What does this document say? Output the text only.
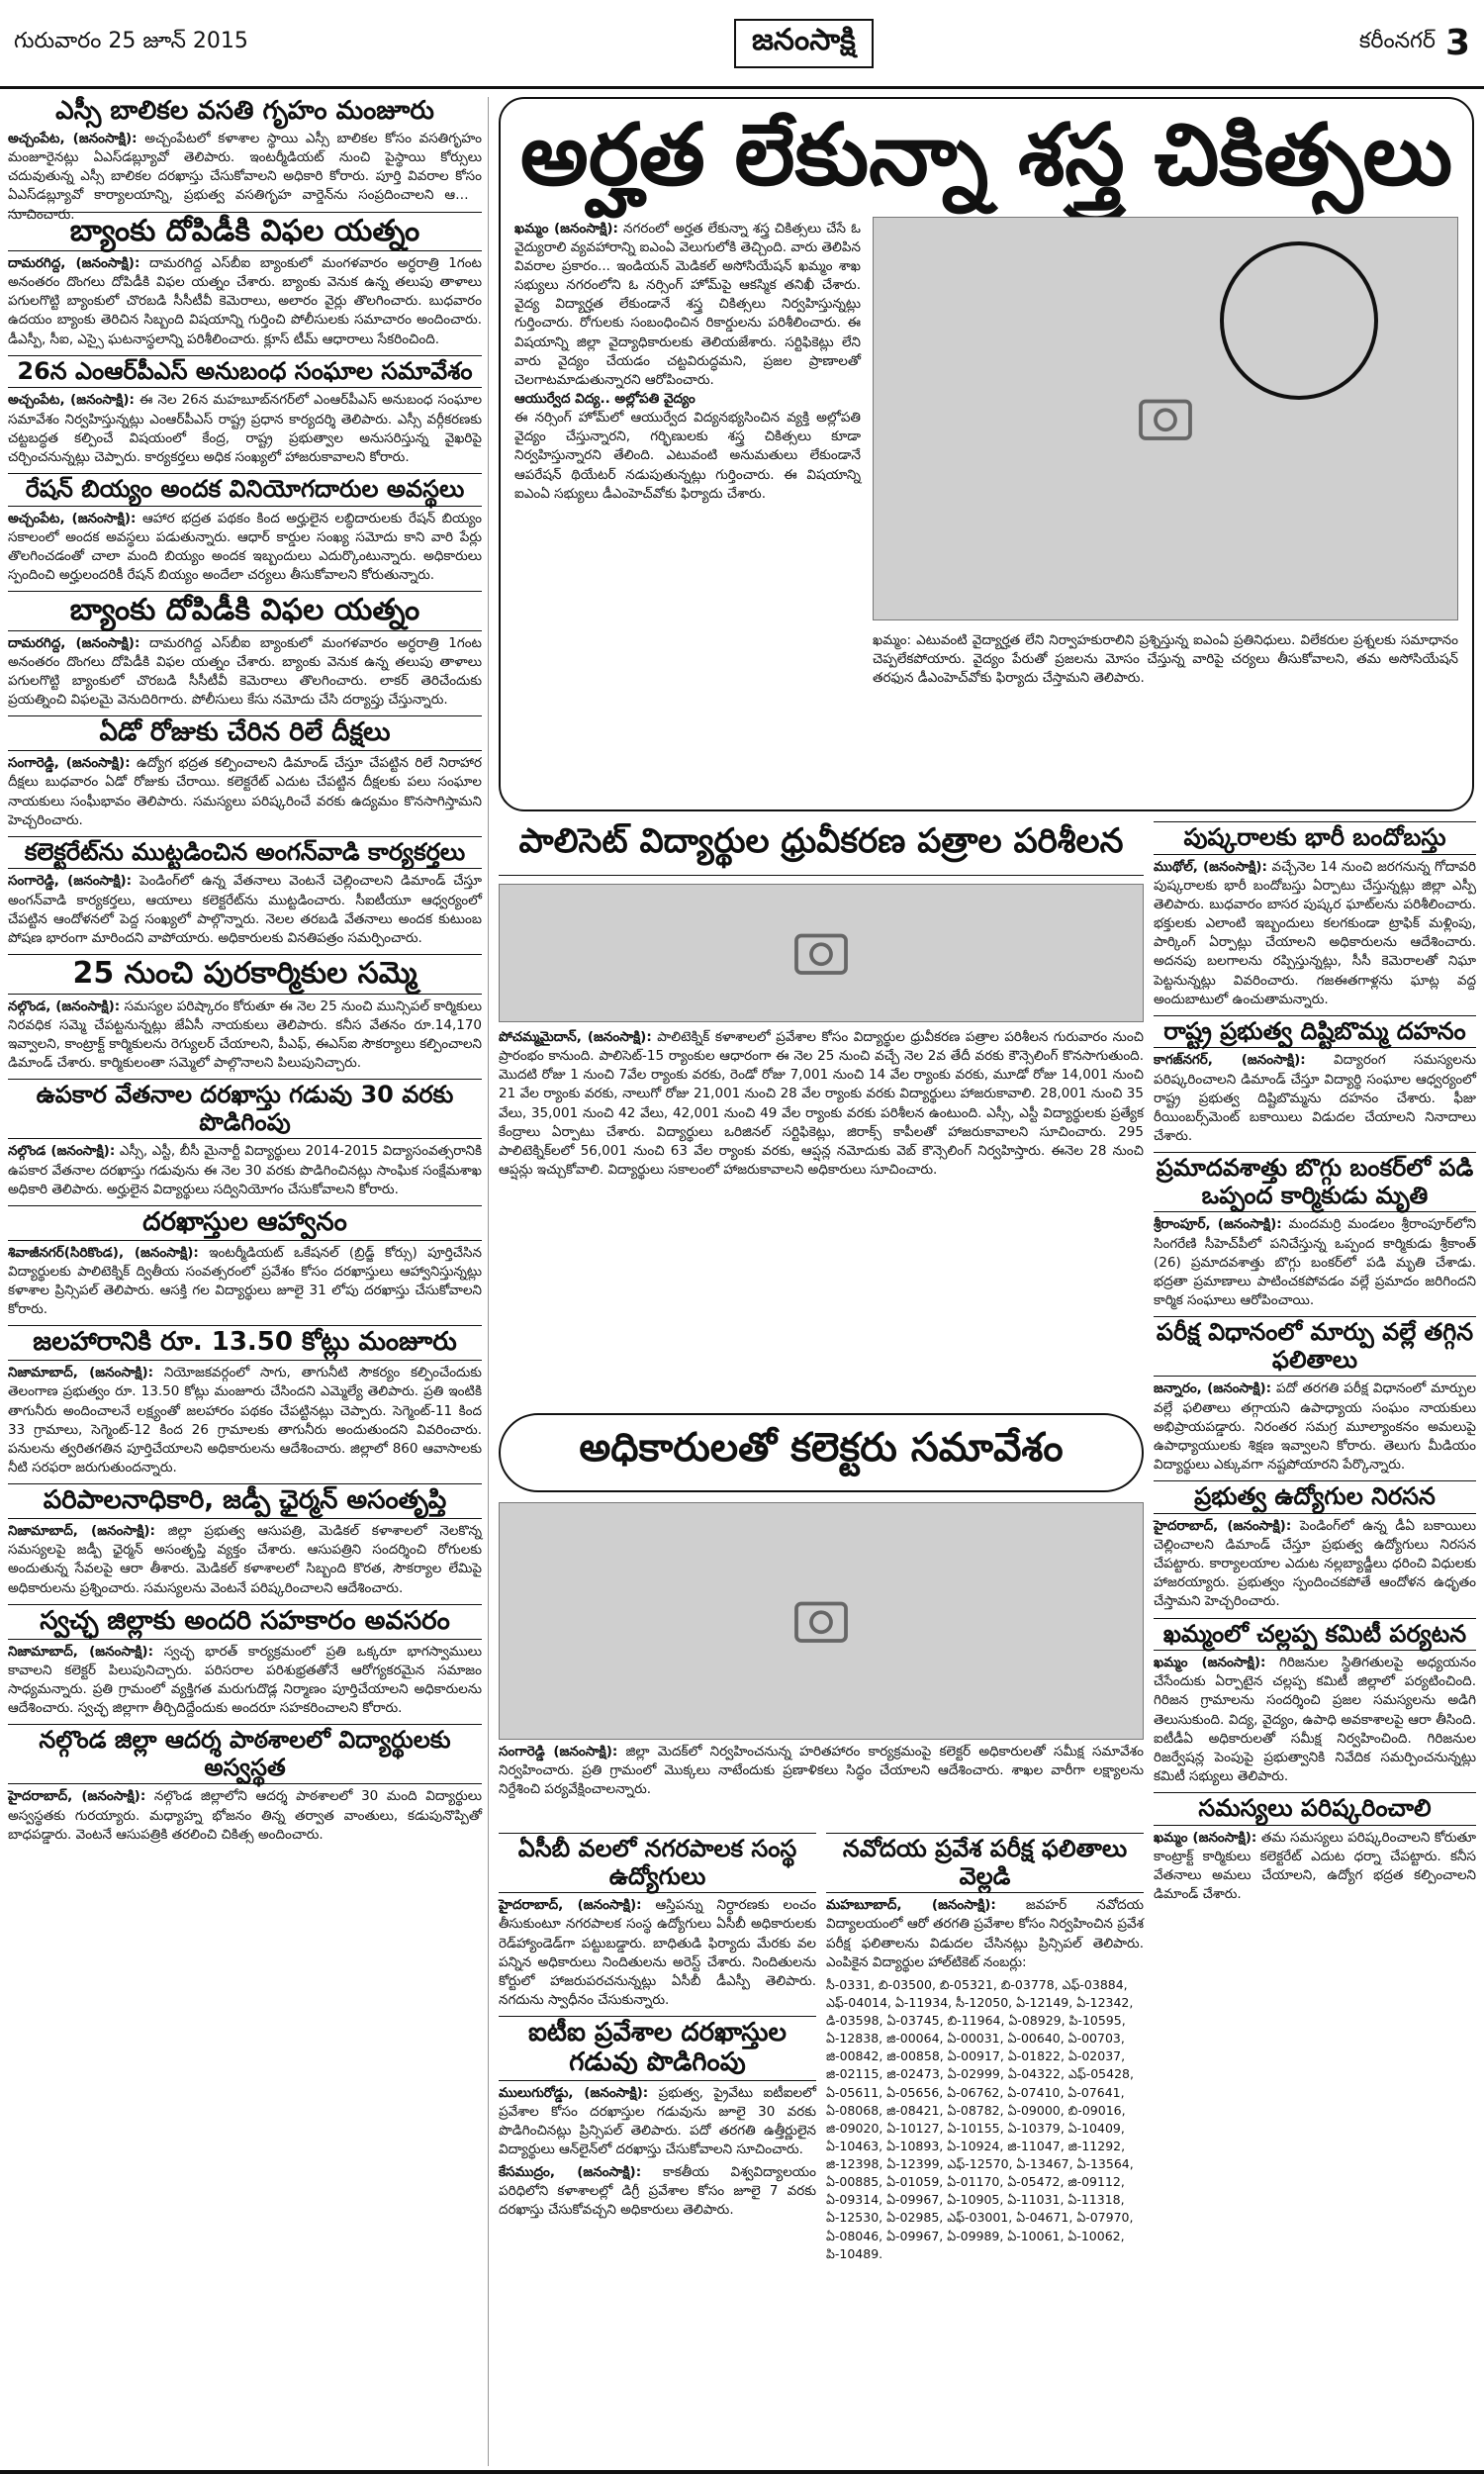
గురువారం 25 జూన్ 2015	జనంసాక్షి	కరీంనగర్ 3
ఎస్సీ బాలికల వసతి గృహం మంజూరు

అచ్చంపేట, (జనంసాక్షి): అచ్చంపేటలో కళాశాల స్థాయి ఎస్సీ బాలికల కోసం వసతిగృహం మంజూరైనట్లు ఏఎస్‌డబ్ల్యూవో తెలిపారు. ఇంటర్మీడియట్ నుంచి పైస్థాయి కోర్సులు చదువుతున్న ఎస్సీ బాలికల దరఖాస్తు చేసుకోవాలని అధికారి కోరారు. పూర్తి వివరాల కోసం ఏఎస్‌డబ్ల్యూవో కార్యాలయాన్ని, ప్రభుత్వ వసతిగృహ వార్డెన్‌ను సంప్రదించాలని ఆయన సూచించారు.

బ్యాంకు దోపిడీకి విఫల యత్నం

దామరగిద్ద, (జనంసాక్షి): దామరగిద్ద ఎస్‌బీఐ బ్యాంకులో మంగళవారం అర్ధరాత్రి 1గంట అనంతరం దొంగలు దోపిడీకి విఫల యత్నం చేశారు. బ్యాంకు వెనుక ఉన్న తలుపు తాళాలు పగులగొట్టి బ్యాంకులో చొరబడి సీసీటీవీ కెమెరాలు, అలారం వైర్లు తొలగించారు. బుధవారం ఉదయం బ్యాంకు తెరిచిన సిబ్బంది విషయాన్ని గుర్తించి పోలీసులకు సమాచారం అందించారు. డీఎస్పీ, సీఐ, ఎస్సై ఘటనాస్థలాన్ని పరిశీలించారు. క్లూస్ టీమ్ ఆధారాలు సేకరించింది.

26న ఎంఆర్‌పీఎస్ అనుబంధ సంఘాల సమావేశం

అచ్చంపేట, (జనంసాక్షి): ఈ నెల 26న మహబూబ్‌నగర్‌లో ఎంఆర్‌పీఎస్ అనుబంధ సంఘాల సమావేశం నిర్వహిస్తున్నట్లు ఎంఆర్‌పీఎస్ రాష్ట్ర ప్రధాన కార్యదర్శి తెలిపారు. ఎస్సీ వర్గీకరణకు చట్టబద్ధత కల్పించే విషయంలో కేంద్ర, రాష్ట్ర ప్రభుత్వాల అనుసరిస్తున్న వైఖరిపై చర్చించనున్నట్లు చెప్పారు. కార్యకర్తలు అధిక సంఖ్యలో హాజరుకావాలని కోరారు.

రేషన్ బియ్యం అందక వినియోగదారుల అవస్థలు

అచ్చంపేట, (జనంసాక్షి): ఆహార భద్రత పథకం కింద అర్హులైన లబ్ధిదారులకు రేషన్ బియ్యం సకాలంలో అందక అవస్థలు పడుతున్నారు. ఆధార్ కార్డుల సంఖ్య సమోదు కాని వారి పేర్లు తొలగించడంతో చాలా మంది బియ్యం అందక ఇబ్బందులు ఎదుర్కొంటున్నారు. అధికారులు స్పందించి అర్హులందరికీ రేషన్ బియ్యం అందేలా చర్యలు తీసుకోవాలని కోరుతున్నారు.

బ్యాంకు దోపిడీకి విఫల యత్నం

దామరగిద్ద, (జనంసాక్షి): దామరగిద్ద ఎస్‌బీఐ బ్యాంకులో మంగళవారం అర్ధరాత్రి 1గంట అనంతరం దొంగలు దోపిడీకి విఫల యత్నం చేశారు. బ్యాంకు వెనుక ఉన్న తలుపు తాళాలు పగులగొట్టి బ్యాంకులో చొరబడి సీసీటీవీ కెమెరాలు తొలగించారు. లాకర్ తెరిచేందుకు ప్రయత్నించి విఫలమై వెనుదిరిగారు. పోలీసులు కేసు నమోదు చేసి దర్యాప్తు చేస్తున్నారు.

ఏడో రోజుకు చేరిన రిలే దీక్షలు

సంగారెడ్డి, (జనంసాక్షి): ఉద్యోగ భద్రత కల్పించాలని డిమాండ్ చేస్తూ చేపట్టిన రిలే నిరాహార దీక్షలు బుధవారం ఏడో రోజుకు చేరాయి. కలెక్టరేట్ ఎదుట చేపట్టిన దీక్షలకు పలు సంఘాల నాయకులు సంఘీభావం తెలిపారు. సమస్యలు పరిష్కరించే వరకు ఉద్యమం కొనసాగిస్తామని హెచ్చరించారు.

కలెక్టరేట్‌ను ముట్టడించిన అంగన్‌వాడి కార్యకర్తలు

సంగారెడ్డి, (జనంసాక్షి): పెండింగ్‌లో ఉన్న వేతనాలు వెంటనే చెల్లించాలని డిమాండ్ చేస్తూ అంగన్‌వాడి కార్యకర్తలు, ఆయాలు కలెక్టరేట్‌ను ముట్టడించారు. సీఐటీయూ ఆధ్వర్యంలో చేపట్టిన ఆందోళనలో పెద్ద సంఖ్యలో పాల్గొన్నారు. నెలల తరబడి వేతనాలు అందక కుటుంబ పోషణ భారంగా మారిందని వాపోయారు. అధికారులకు వినతిపత్రం సమర్పించారు.

25 నుంచి పురకార్మికుల సమ్మె

నల్గొండ, (జనంసాక్షి): సమస్యల పరిష్కారం కోరుతూ ఈ నెల 25 నుంచి మున్సిపల్ కార్మికులు నిరవధిక సమ్మె చేపట్టనున్నట్లు జేఏసీ నాయకులు తెలిపారు. కనీస వేతనం రూ.14,170 ఇవ్వాలని, కాంట్రాక్ట్ కార్మికులను రెగ్యులర్ చేయాలని, పీఎఫ్, ఈఎస్ఐ సౌకర్యాలు కల్పించాలని డిమాండ్ చేశారు. కార్మికులంతా సమ్మెలో పాల్గొనాలని పిలుపునిచ్చారు.

ఉపకార వేతనాల దరఖాస్తు గడువు 30 వరకు పొడిగింపు

నల్గొండ (జనంసాక్షి): ఎస్సీ, ఎస్టీ, బీసీ మైనార్టీ విద్యార్థులు 2014-2015 విద్యాసంవత్సరానికి ఉపకార వేతనాల దరఖాస్తు గడువును ఈ నెల 30 వరకు పొడిగించినట్లు సాంఘిక సంక్షేమశాఖ అధికారి తెలిపారు. అర్హులైన విద్యార్థులు సద్వినియోగం చేసుకోవాలని కోరారు.

దరఖాస్తుల ఆహ్వానం

శివాజీనగర్(సిరికొండ), (జనంసాక్షి): ఇంటర్మీడియట్ ఒకేషనల్ (బ్రిడ్జ్ కోర్సు) పూర్తిచేసిన విద్యార్థులకు పాలిటెక్నిక్ ద్వితీయ సంవత్సరంలో ప్రవేశం కోసం దరఖాస్తులు ఆహ్వానిస్తున్నట్లు కళాశాల ప్రిన్సిపల్ తెలిపారు. ఆసక్తి గల విద్యార్థులు జూలై 31 లోపు దరఖాస్తు చేసుకోవాలని కోరారు.

జలహారానికి రూ. 13.50 కోట్లు మంజూరు

నిజామాబాద్, (జనంసాక్షి): నియోజకవర్గంలో సాగు, తాగునీటి సౌకర్యం కల్పించేందుకు తెలంగాణ ప్రభుత్వం రూ. 13.50 కోట్లు మంజూరు చేసిందని ఎమ్మెల్యే తెలిపారు. ప్రతి ఇంటికి తాగునీరు అందించాలనే లక్ష్యంతో జలహారం పథకం చేపట్టినట్లు చెప్పారు. సెగ్మెంట్-11 కింద 33 గ్రామాలు, సెగ్మెంట్-12 కింద 26 గ్రామాలకు తాగునీరు అందుతుందని వివరించారు. పనులను త్వరితగతిన పూర్తిచేయాలని అధికారులను ఆదేశించారు. జిల్లాలో 860 ఆవాసాలకు నీటి సరఫరా జరుగుతుందన్నారు.

పరిపాలనాధికారి, జడ్పీ ఛైర్మన్ అసంతృప్తి

నిజామాబాద్, (జనంసాక్షి): జిల్లా ప్రభుత్వ ఆసుపత్రి, మెడికల్ కళాశాలలో నెలకొన్న సమస్యలపై జడ్పీ ఛైర్మన్ అసంతృప్తి వ్యక్తం చేశారు. ఆసుపత్రిని సందర్శించి రోగులకు అందుతున్న సేవలపై ఆరా తీశారు. మెడికల్ కళాశాలలో సిబ్బంది కొరత, సౌకర్యాల లేమిపై అధికారులను ప్రశ్నించారు. సమస్యలను వెంటనే పరిష్కరించాలని ఆదేశించారు.

స్వచ్ఛ జిల్లాకు అందరి సహకారం అవసరం

నిజామాబాద్, (జనంసాక్షి): స్వచ్ఛ భారత్ కార్యక్రమంలో ప్రతి ఒక్కరూ భాగస్వాములు కావాలని కలెక్టర్ పిలుపునిచ్చారు. పరిసరాల పరిశుభ్రతతోనే ఆరోగ్యకరమైన సమాజం సాధ్యమన్నారు. ప్రతి గ్రామంలో వ్యక్తిగత మరుగుదొడ్ల నిర్మాణం పూర్తిచేయాలని అధికారులను ఆదేశించారు. స్వచ్ఛ జిల్లాగా తీర్చిదిద్దేందుకు అందరూ సహకరించాలని కోరారు.

నల్గొండ జిల్లా ఆదర్శ పాఠశాలలో విద్యార్థులకు అస్వస్థత

హైదరాబాద్, (జనంసాక్షి): నల్గొండ జిల్లాలోని ఆదర్శ పాఠశాలలో 30 మంది విద్యార్థులు అస్వస్థతకు గురయ్యారు. మధ్యాహ్న భోజనం తిన్న తర్వాత వాంతులు, కడుపునొప్పితో బాధపడ్డారు. వెంటనే ఆసుపత్రికి తరలించి చికిత్స అందించారు.

అర్హత లేకున్నా శస్త్ర చికిత్సలు

ఖమ్మం (జనంసాక్షి): నగరంలో అర్హత లేకున్నా శస్త్ర చికిత్సలు చేసే ఓ వైద్యురాలి వ్యవహారాన్ని ఐఎంఏ వెలుగులోకి తెచ్చింది. వారు తెలిపిన వివరాల ప్రకారం... ఇండియన్ మెడికల్ అసోసియేషన్ ఖమ్మం శాఖ సభ్యులు నగరంలోని ఓ నర్సింగ్ హోమ్‌పై ఆకస్మిక తనిఖీ చేశారు. వైద్య విద్యార్హత లేకుండానే శస్త్ర చికిత్సలు నిర్వహిస్తున్నట్లు గుర్తించారు. రోగులకు సంబంధించిన రికార్డులను పరిశీలించారు. ఈ విషయాన్ని జిల్లా వైద్యాధికారులకు తెలియజేశారు. సర్టిఫికెట్లు లేని వారు వైద్యం చేయడం చట్టవిరుద్ధమని, ప్రజల ప్రాణాలతో చెలగాటమాడుతున్నారని ఆరోపించారు.
ఆయుర్వేద విద్య.. అల్లోపతి వైద్యం
ఈ నర్సింగ్ హోమ్‌లో ఆయుర్వేద విద్యనభ్యసించిన వ్యక్తి అల్లోపతి వైద్యం చేస్తున్నారని, గర్భిణులకు శస్త్ర చికిత్సలు కూడా నిర్వహిస్తున్నారని తేలింది. ఎటువంటి అనుమతులు లేకుండానే ఆపరేషన్ థియేటర్ నడుపుతున్నట్లు గుర్తించారు. ఈ విషయాన్ని ఐఎంఏ సభ్యులు డీఎంహెచ్‌వోకు ఫిర్యాదు చేశారు.

ఖమ్మం: ఎటువంటి వైద్యార్హత లేని నిర్వాహకురాలిని ప్రశ్నిస్తున్న ఐఎంఏ ప్రతినిధులు. విలేకరుల ప్రశ్నలకు సమాధానం చెప్పలేకపోయారు. వైద్యం పేరుతో ప్రజలను మోసం చేస్తున్న వారిపై చర్యలు తీసుకోవాలని, తమ అసోసియేషన్ తరఫున డీఎంహెచ్‌వోకు ఫిర్యాదు చేస్తామని తెలిపారు.

పాలిసెట్ విద్యార్థుల ధ్రువీకరణ పత్రాల పరిశీలన

పోచమ్మమైదాన్, (జనంసాక్షి): పాలిటెక్నిక్ కళాశాలలో ప్రవేశాల కోసం విద్యార్థుల ధ్రువీకరణ పత్రాల పరిశీలన గురువారం నుంచి ప్రారంభం కానుంది. పాలిసెట్-15 ర్యాంకుల ఆధారంగా ఈ నెల 25 నుంచి వచ్చే నెల 2వ తేదీ వరకు కౌన్సెలింగ్ కొనసాగుతుంది. మొదటి రోజు 1 నుంచి 7వేల ర్యాంకు వరకు, రెండో రోజు 7,001 నుంచి 14 వేల ర్యాంకు వరకు, మూడో రోజు 14,001 నుంచి 21 వేల ర్యాంకు వరకు, నాలుగో రోజు 21,001 నుంచి 28 వేల ర్యాంకు వరకు విద్యార్థులు హాజరుకావాలి. 28,001 నుంచి 35 వేలు, 35,001 నుంచి 42 వేలు, 42,001 నుంచి 49 వేల ర్యాంకు వరకు పరిశీలన ఉంటుంది. ఎస్సీ, ఎస్టీ విద్యార్థులకు ప్రత్యేక కేంద్రాలు ఏర్పాటు చేశారు. విద్యార్థులు ఒరిజినల్ సర్టిఫికెట్లు, జిరాక్స్ కాపీలతో హాజరుకావాలని సూచించారు. 295 పాలిటెక్నిక్‌లలో 56,001 నుంచి 63 వేల ర్యాంకు వరకు, ఆప్షన్ల నమోదుకు వెబ్ కౌన్సెలింగ్ నిర్వహిస్తారు. ఈనెల 28 నుంచి ఆప్షన్లు ఇచ్చుకోవాలి. విద్యార్థులు సకాలంలో హాజరుకావాలని అధికారులు సూచించారు.

అధికారులతో కలెక్టరు సమావేశం

సంగారెడ్డి (జనంసాక్షి): జిల్లా మెదక్‌లో నిర్వహించనున్న హరితహారం కార్యక్రమంపై కలెక్టర్ అధికారులతో సమీక్ష సమావేశం నిర్వహించారు. ప్రతి గ్రామంలో మొక్కలు నాటేందుకు ప్రణాళికలు సిద్ధం చేయాలని ఆదేశించారు. శాఖల వారీగా లక్ష్యాలను నిర్దేశించి పర్యవేక్షించాలన్నారు.

ఏసీబీ వలలో నగరపాలక సంస్థ ఉద్యోగులు

హైదరాబాద్, (జనంసాక్షి): ఆస్తిపన్ను నిర్ధారణకు లంచం తీసుకుంటూ నగరపాలక సంస్థ ఉద్యోగులు ఏసీబీ అధికారులకు రెడ్‌హ్యాండెడ్‌గా పట్టుబడ్డారు. బాధితుడి ఫిర్యాదు మేరకు వల పన్నిన అధికారులు నిందితులను అరెస్ట్ చేశారు. నిందితులను కోర్టులో హాజరుపరచనున్నట్లు ఏసీబీ డీఎస్పీ తెలిపారు. నగదును స్వాధీనం చేసుకున్నారు.

ఐటీఐ ప్రవేశాల దరఖాస్తుల గడువు పొడిగింపు

ములుగురోడ్డు, (జనంసాక్షి): ప్రభుత్వ, ప్రైవేటు ఐటీఐలలో ప్రవేశాల కోసం దరఖాస్తుల గడువును జూలై 30 వరకు పొడిగించినట్లు ప్రిన్సిపల్ తెలిపారు. పదో తరగతి ఉత్తీర్ణులైన విద్యార్థులు ఆన్‌లైన్‌లో దరఖాస్తు చేసుకోవాలని సూచించారు.

కేసముద్రం, (జనంసాక్షి): కాకతీయ విశ్వవిద్యాలయం పరిధిలోని కళాశాలల్లో డిగ్రీ ప్రవేశాల కోసం జూలై 7 వరకు దరఖాస్తు చేసుకోవచ్చని అధికారులు తెలిపారు.

నవోదయ ప్రవేశ పరీక్ష ఫలితాలు వెల్లడి

మహబూబాద్, (జనంసాక్షి): జవహర్ నవోదయ విద్యాలయంలో ఆరో తరగతి ప్రవేశాల కోసం నిర్వహించిన ప్రవేశ పరీక్ష ఫలితాలను విడుదల చేసినట్లు ప్రిన్సిపల్ తెలిపారు. ఎంపికైన విద్యార్థుల హాల్‌టికెట్ నంబర్లు:

సీ-0331, బి-03500, బి-05321, బి-03778, ఎఫ్-03884, ఎఫ్-04014, ఏ-11934, సీ-12050, ఏ-12149, ఏ-12342, డి-03598, ఏ-03745, బి-11964, ఏ-08929, పి-10595, ఏ-12838, జి-00064, ఏ-00031, ఏ-00640, ఏ-00703, జి-00842, జి-00858, ఏ-00917, ఏ-01822, ఏ-02037, జి-02115, జి-02473, ఏ-02999, ఏ-04322, ఎఫ్-05428, ఏ-05611, ఏ-05656, ఏ-06762, ఏ-07410, ఏ-07641, ఏ-08068, జి-08421, ఏ-08782, ఏ-09000, బి-09016, జి-09020, ఏ-10127, ఏ-10155, ఏ-10379, ఏ-10409, ఏ-10463, ఏ-10893, ఏ-10924, జి-11047, జి-11292, జి-12398, ఏ-12399, ఎఫ్-12570, ఏ-13467, ఏ-13564, ఏ-00885, ఏ-01059, ఏ-01170, ఏ-05472, జి-09112, ఏ-09314, ఏ-09967, ఏ-10905, ఏ-11031, ఏ-11318, ఏ-12530, ఏ-02985, ఎఫ్-03001, ఏ-04671, ఏ-07970, ఏ-08046, ఏ-09967, ఏ-09989, ఏ-10061, ఏ-10062, పి-10489.

పుష్కరాలకు భారీ బందోబస్తు

ముథోల్, (జనంసాక్షి): వచ్చేనెల 14 నుంచి జరగనున్న గోదావరి పుష్కరాలకు భారీ బందోబస్తు ఏర్పాటు చేస్తున్నట్లు జిల్లా ఎస్పీ తెలిపారు. బుధవారం బాసర పుష్కర ఘాట్‌లను పరిశీలించారు. భక్తులకు ఎలాంటి ఇబ్బందులు కలగకుండా ట్రాఫిక్ మళ్లింపు, పార్కింగ్ ఏర్పాట్లు చేయాలని అధికారులను ఆదేశించారు. అదనపు బలగాలను రప్పిస్తున్నట్లు, సీసీ కెమెరాలతో నిఘా పెట్టనున్నట్లు వివరించారు. గజఈతగాళ్లను ఘాట్ల వద్ద అందుబాటులో ఉంచుతామన్నారు.

రాష్ట్ర ప్రభుత్వ దిష్టిబొమ్మ దహనం

కాగజ్‌నగర్, (జనంసాక్షి): విద్యారంగ సమస్యలను పరిష్కరించాలని డిమాండ్ చేస్తూ విద్యార్థి సంఘాల ఆధ్వర్యంలో రాష్ట్ర ప్రభుత్వ దిష్టిబొమ్మను దహనం చేశారు. ఫీజు రీయింబర్స్‌మెంట్ బకాయిలు విడుదల చేయాలని నినాదాలు చేశారు.

ప్రమాదవశాత్తు బొగ్గు బంకర్‌లో పడి ఒప్పంద కార్మికుడు మృతి

శ్రీరాంపూర్, (జనంసాక్షి): మందమర్రి మండలం శ్రీరాంపూర్‌లోని సింగరేణి సీహెచ్‌పీలో పనిచేస్తున్న ఒప్పంద కార్మికుడు శ్రీకాంత్ (26) ప్రమాదవశాత్తు బొగ్గు బంకర్‌లో పడి మృతి చేశాడు. భద్రతా ప్రమాణాలు పాటించకపోవడం వల్లే ప్రమాదం జరిగిందని కార్మిక సంఘాలు ఆరోపించాయి.

పరీక్ష విధానంలో మార్పు వల్లే తగ్గిన ఫలితాలు

జన్నారం, (జనంసాక్షి): పదో తరగతి పరీక్ష విధానంలో మార్పుల వల్లే ఫలితాలు తగ్గాయని ఉపాధ్యాయ సంఘం నాయకులు అభిప్రాయపడ్డారు. నిరంతర సమగ్ర మూల్యాంకనం అమలుపై ఉపాధ్యాయులకు శిక్షణ ఇవ్వాలని కోరారు. తెలుగు మీడియం విద్యార్థులు ఎక్కువగా నష్టపోయారని పేర్కొన్నారు.

ప్రభుత్వ ఉద్యోగుల నిరసన

హైదరాబాద్, (జనంసాక్షి): పెండింగ్‌లో ఉన్న డీఏ బకాయిలు చెల్లించాలని డిమాండ్ చేస్తూ ప్రభుత్వ ఉద్యోగులు నిరసన చేపట్టారు. కార్యాలయాల ఎదుట నల్లబ్యాడ్జీలు ధరించి విధులకు హాజరయ్యారు. ప్రభుత్వం స్పందించకపోతే ఆందోళన ఉధృతం చేస్తామని హెచ్చరించారు.

ఖమ్మంలో చల్లప్ప కమిటీ పర్యటన

ఖమ్మం (జనంసాక్షి): గిరిజనుల స్థితిగతులపై అధ్యయనం చేసేందుకు ఏర్పాటైన చల్లప్ప కమిటీ జిల్లాలో పర్యటించింది. గిరిజన గ్రామాలను సందర్శించి ప్రజల సమస్యలను అడిగి తెలుసుకుంది. విద్య, వైద్యం, ఉపాధి అవకాశాలపై ఆరా తీసింది. ఐటీడీఏ అధికారులతో సమీక్ష నిర్వహించింది. గిరిజనుల రిజర్వేషన్ల పెంపుపై ప్రభుత్వానికి నివేదిక సమర్పించనున్నట్లు కమిటీ సభ్యులు తెలిపారు.

సమస్యలు పరిష్కరించాలి

ఖమ్మం (జనంసాక్షి): తమ సమస్యలు పరిష్కరించాలని కోరుతూ కాంట్రాక్ట్ కార్మికులు కలెక్టరేట్ ఎదుట ధర్నా చేపట్టారు. కనీస వేతనాలు అమలు చేయాలని, ఉద్యోగ భద్రత కల్పించాలని డిమాండ్ చేశారు.
